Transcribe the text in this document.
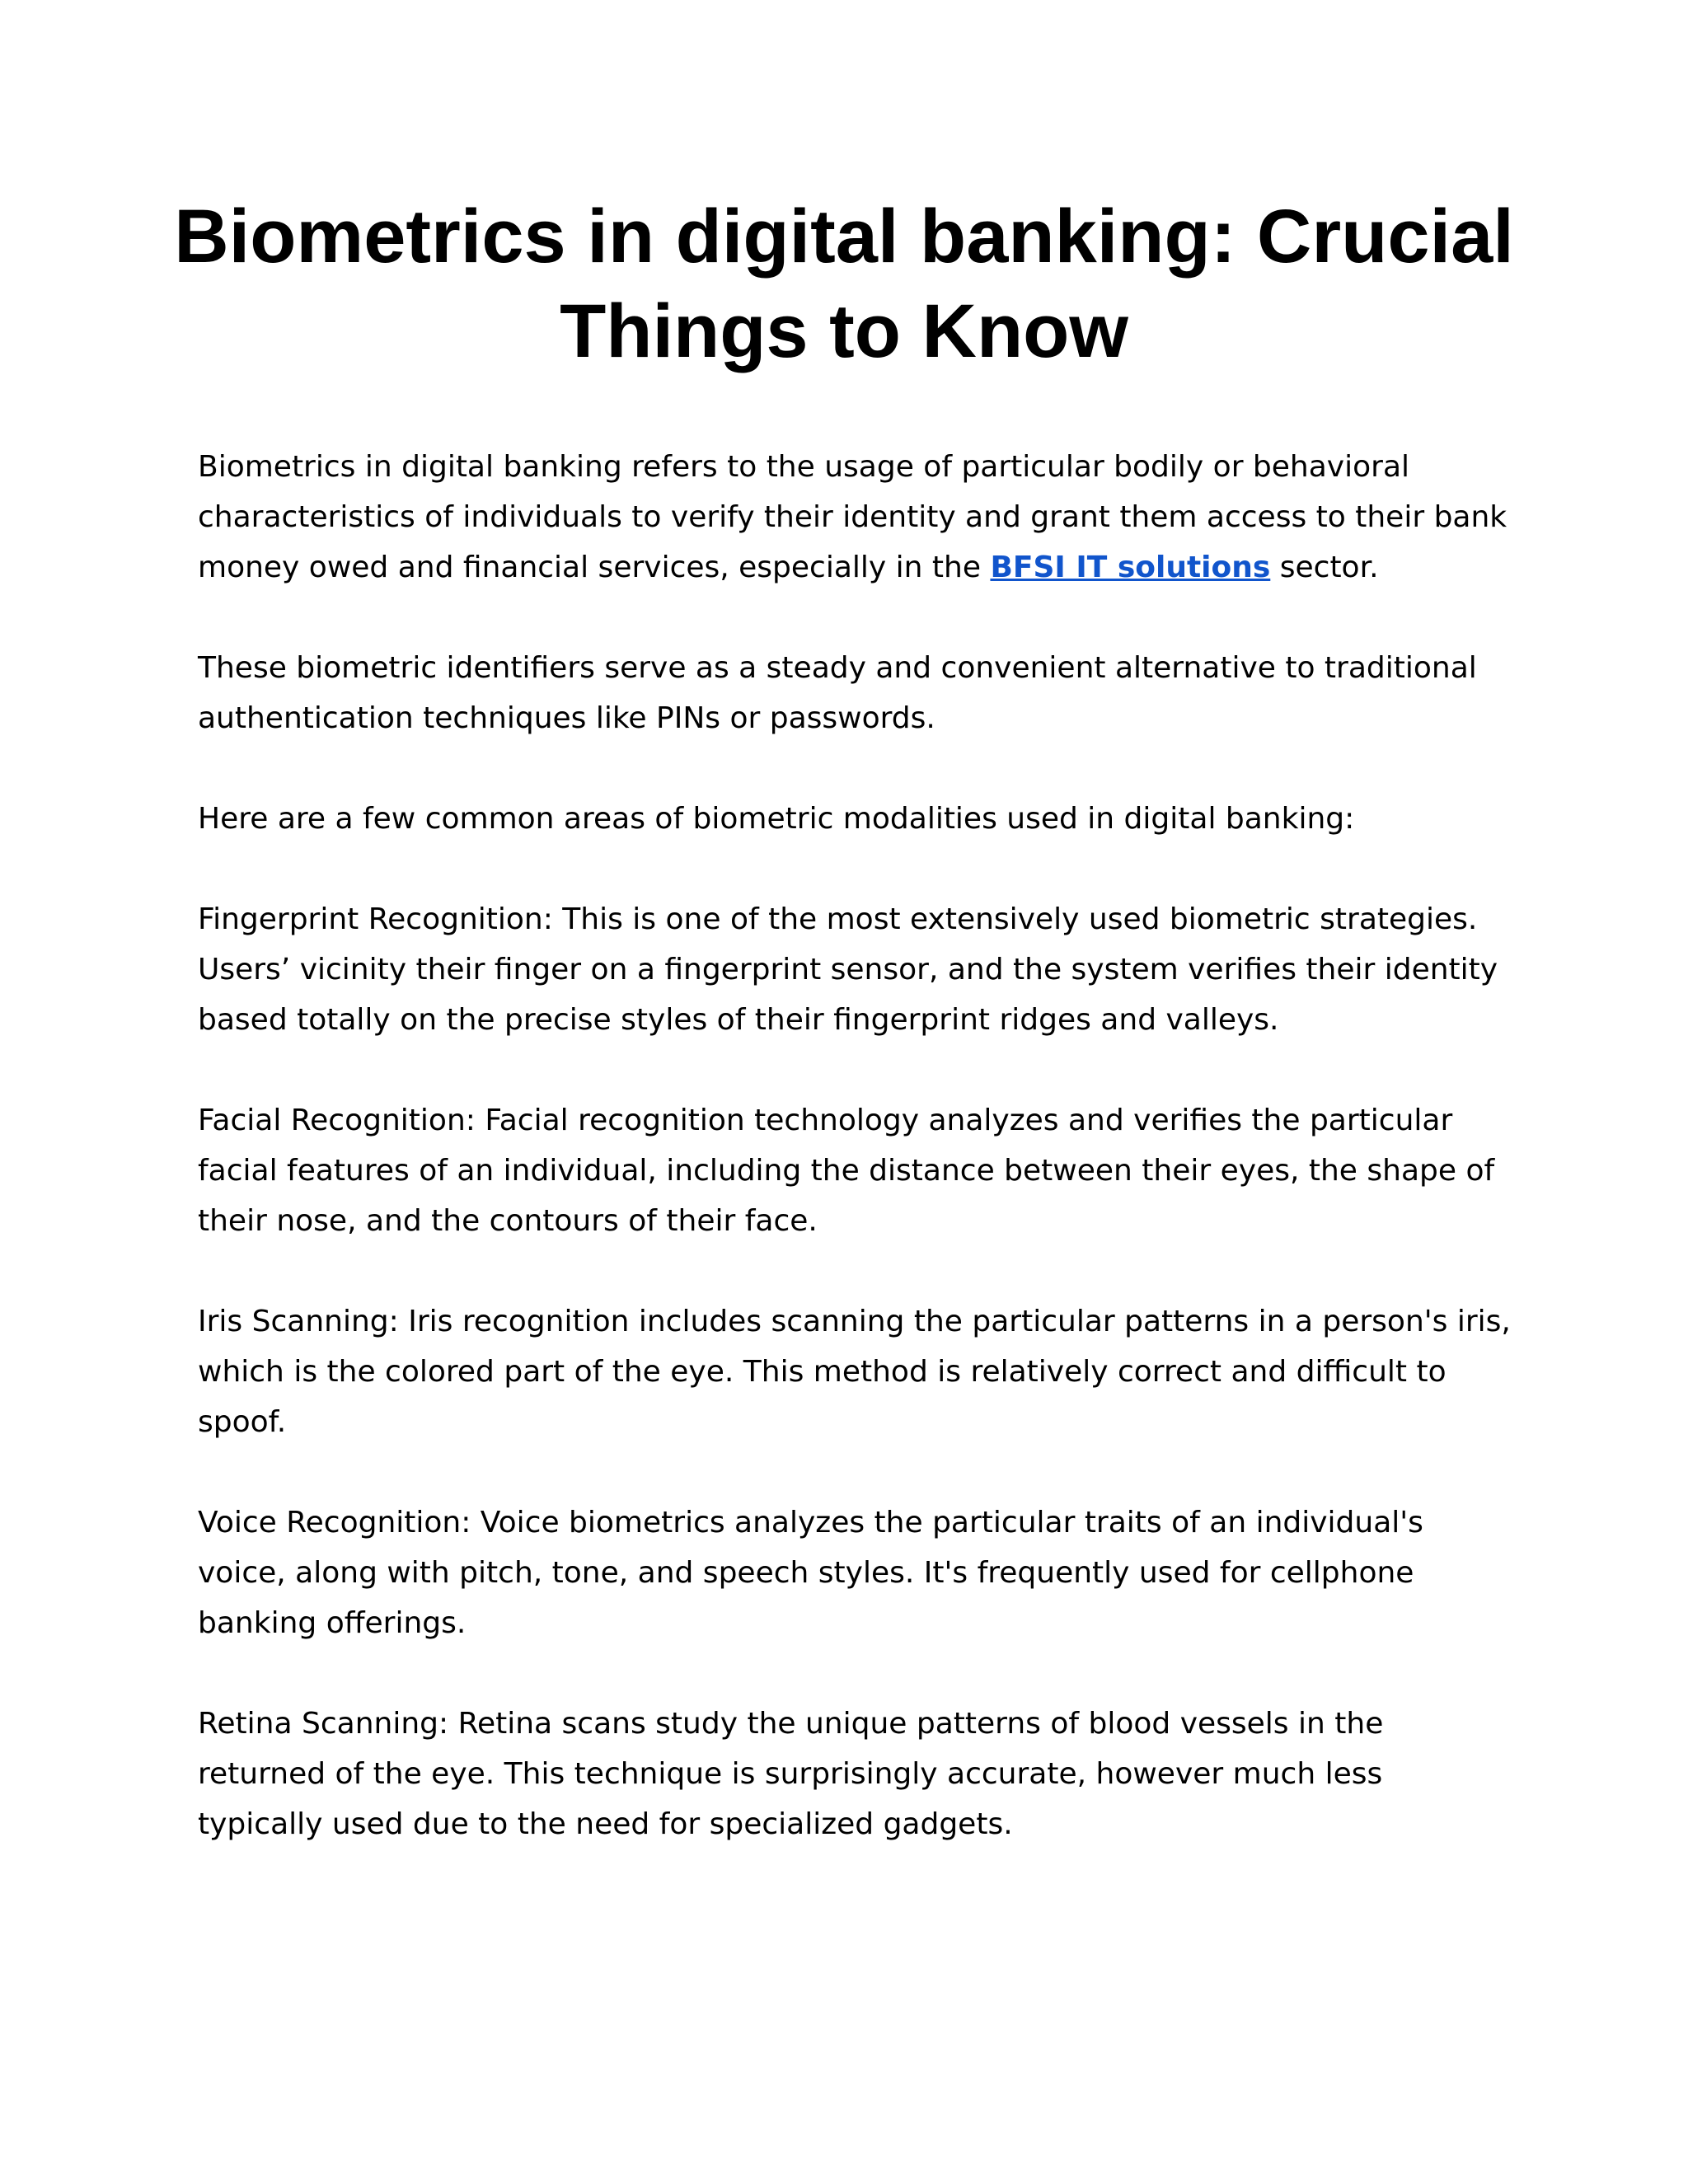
Biometrics in digital banking: Crucial Things to Know

Biometrics in digital banking refers to the usage of particular bodily or behavioral characteristics of individuals to verify their identity and grant them access to their bank money owed and financial services, especially in the BFSI IT solutions sector.

These biometric identifiers serve as a steady and convenient alternative to traditional authentication techniques like PINs or passwords.

Here are a few common areas of biometric modalities used in digital banking:

Fingerprint Recognition: This is one of the most extensively used biometric strategies. Users’ vicinity their finger on a fingerprint sensor, and the system verifies their identity based totally on the precise styles of their fingerprint ridges and valleys.

Facial Recognition: Facial recognition technology analyzes and verifies the particular facial features of an individual, including the distance between their eyes, the shape of their nose, and the contours of their face.

Iris Scanning: Iris recognition includes scanning the particular patterns in a person's iris, which is the colored part of the eye. This method is relatively correct and difficult to spoof.

Voice Recognition: Voice biometrics analyzes the particular traits of an individual's voice, along with pitch, tone, and speech styles. It's frequently used for cellphone banking offerings.

Retina Scanning: Retina scans study the unique patterns of blood vessels in the returned of the eye. This technique is surprisingly accurate, however much less typically used due to the need for specialized gadgets.
